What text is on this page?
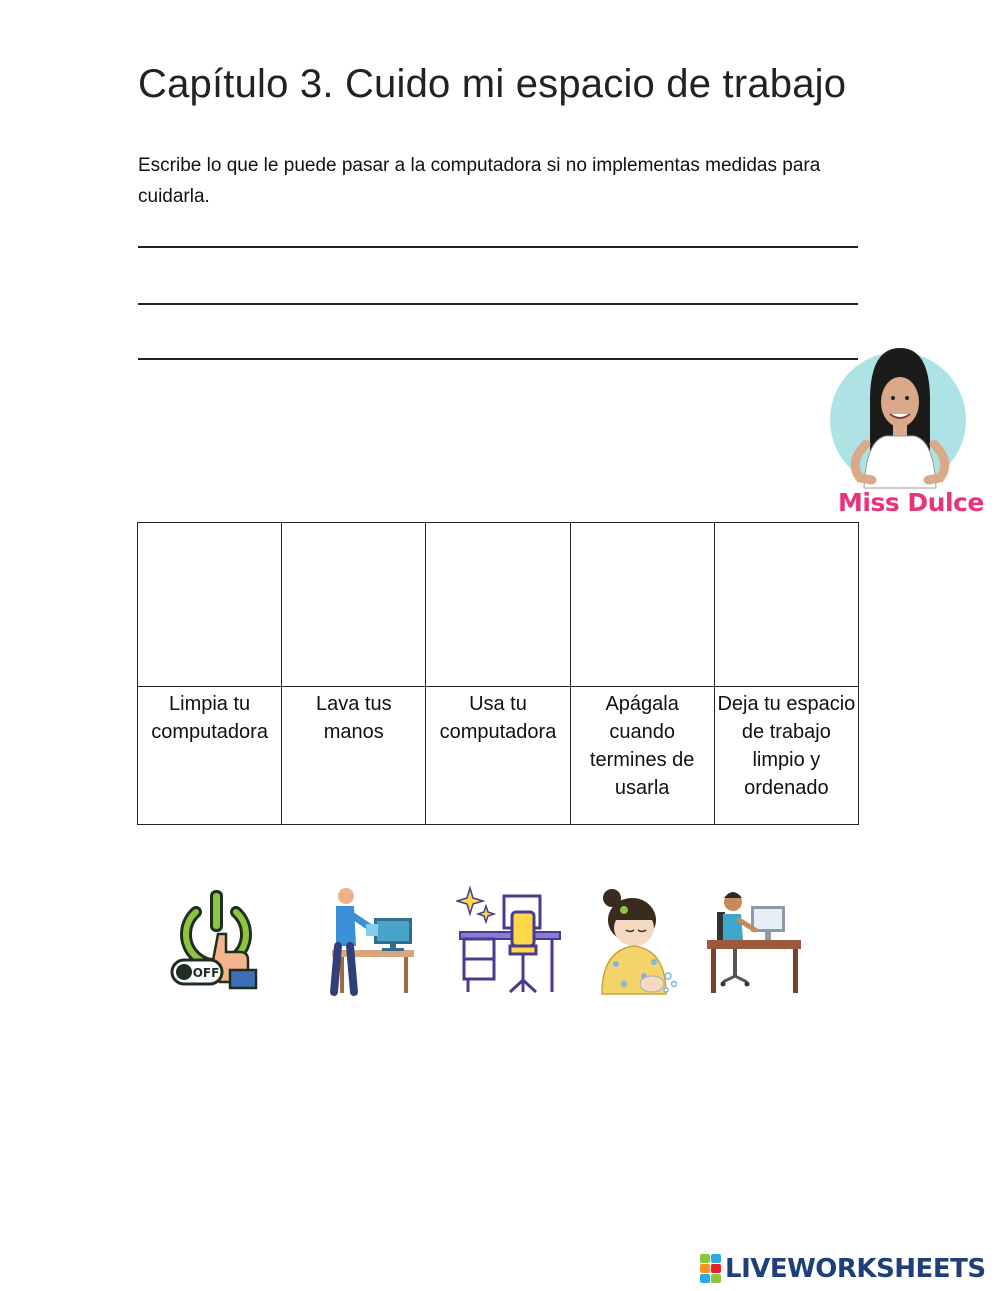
Capítulo 3. Cuido mi espacio de trabajo
Escribe lo que le puede pasar a la computadora si no implementas medidas para cuidarla.
Miss Dulce

Limpia tu computadora	Lava tus manos	Usa tu computadora	Apágala cuando termines de usarla	Deja tu espacio de trabajo limpio y ordenado
OFF
LIVEWORKSHEETS
